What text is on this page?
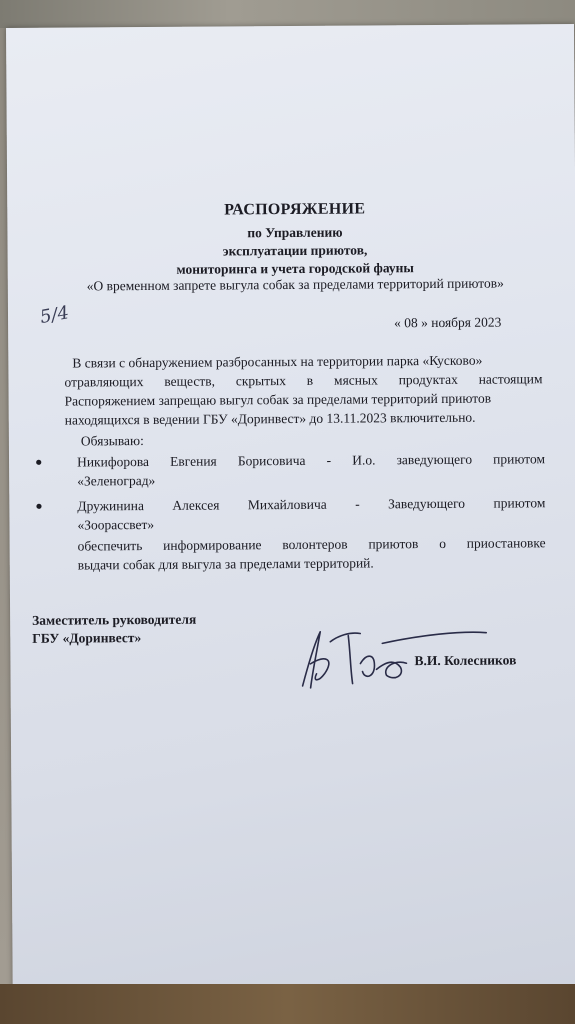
РАСПОРЯЖЕНИЕ
по Управлению
эксплуатации приютов,
мониторинга и учета городской фауны
«О временном запрете выгула собак за пределами территорий приютов»
5/4	« 08 » ноября 2023
В связи с обнаружением разбросанных на территории парка «Кусково»
отравляющих веществ, скрытых в мясных продуктах настоящим
Распоряжением запрещаю выгул собак за пределами территорий приютов
находящихся в ведении ГБУ «Доринвест» до 13.11.2023 включительно.
Обязываю:
●	Никифорова Евгения Борисовича - И.о. заведующего приютом
«Зеленоград»
●	Дружинина Алексея Михайловича - Заведующего приютом
«Зоорассвет»
обеспечить информирование волонтеров приютов о приостановке
выдачи собак для выгула за пределами территорий.
Заместитель руководителя
ГБУ «Доринвест»
В.И. Колесников
